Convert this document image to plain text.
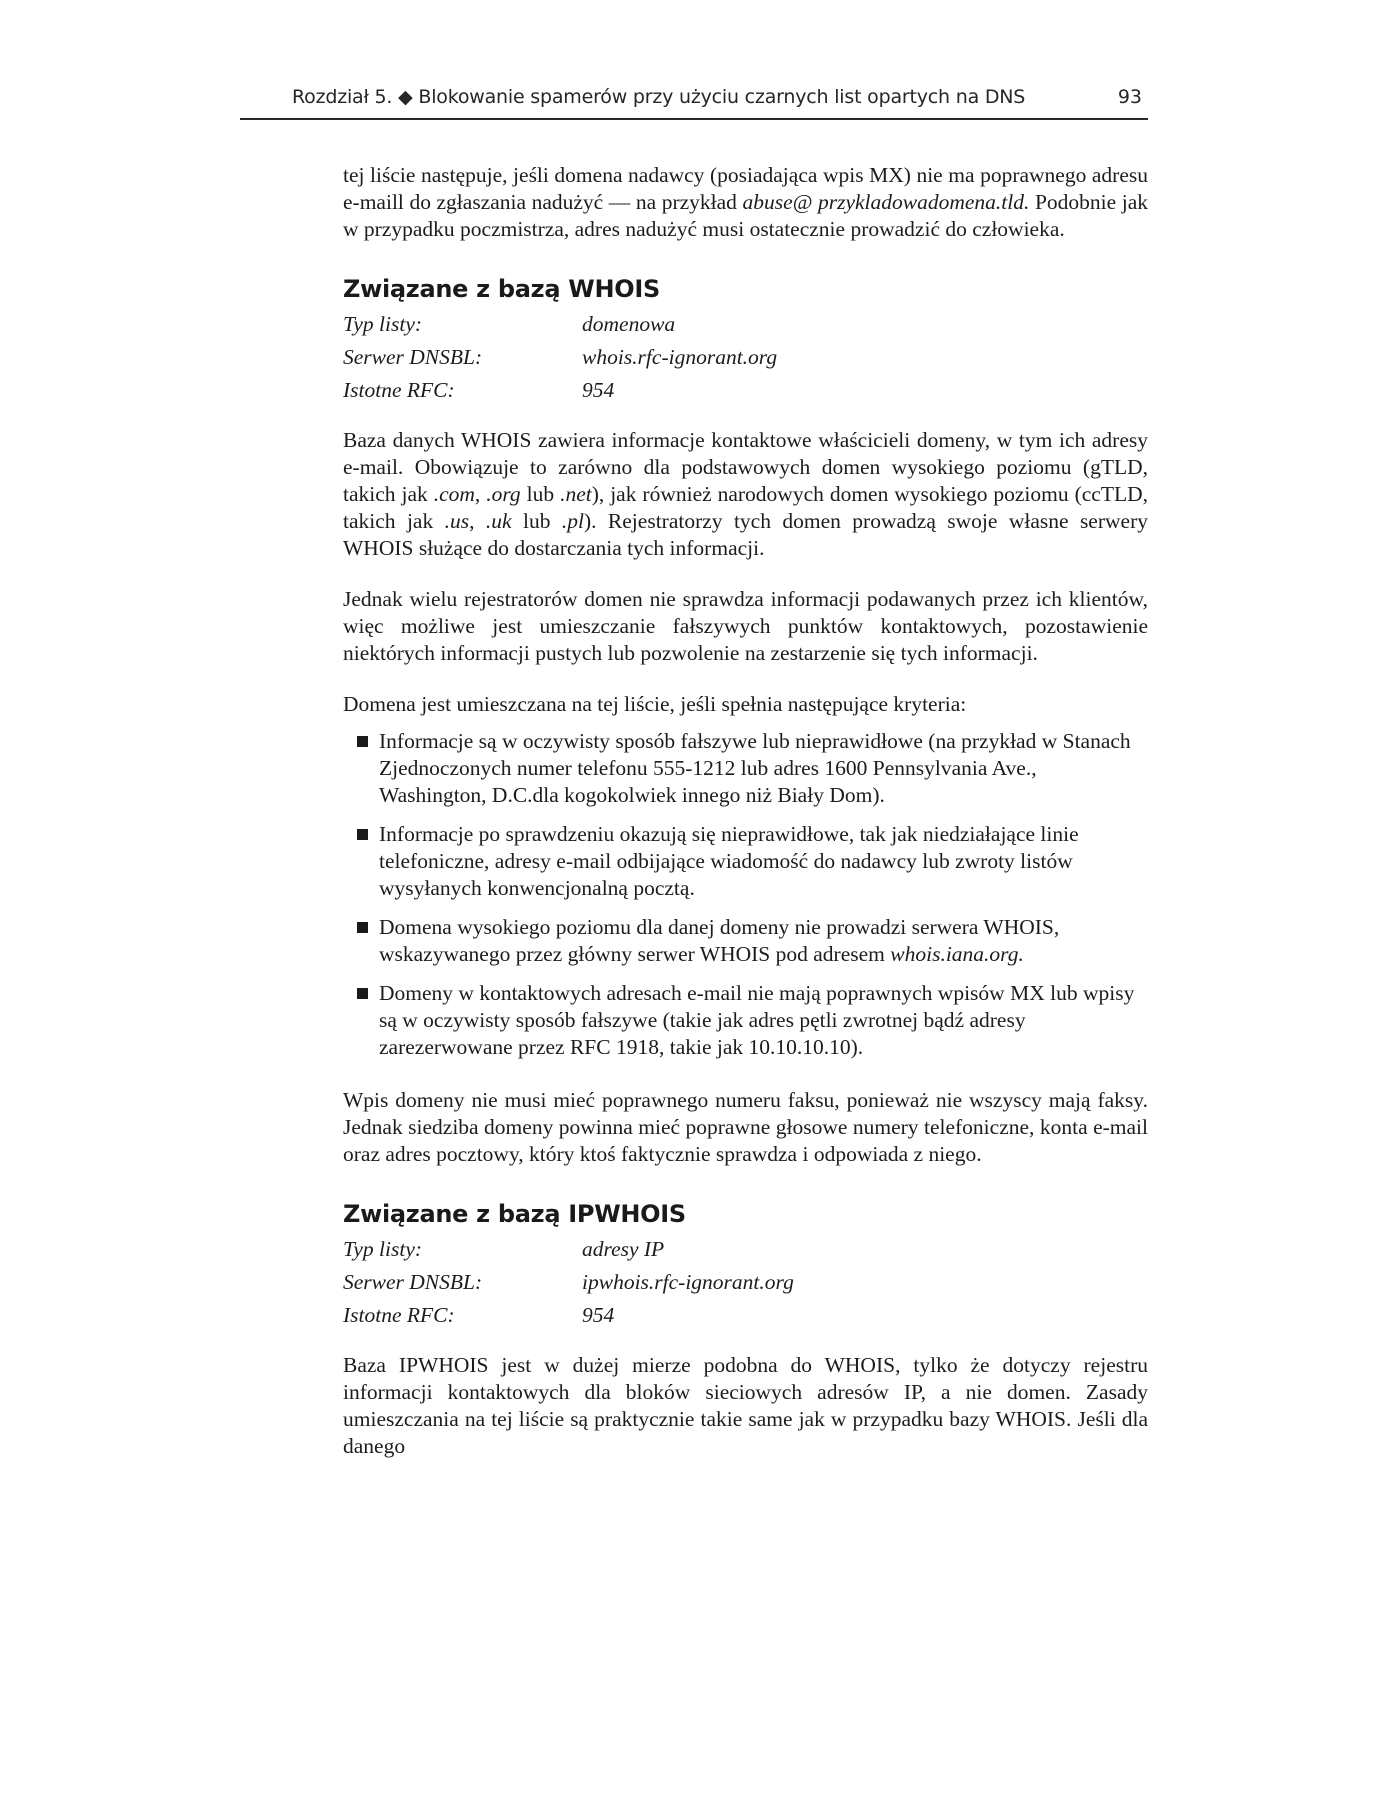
Rozdział 5. ◆ Blokowanie spamerów przy użyciu czarnych list opartych na DNS	93

tej liście następuje, jeśli domena nadawcy (posiadająca wpis MX) nie ma poprawnego adresu e-maill do zgłaszania nadużyć — na przykład abuse@ przykladowadomena.tld. Podobnie jak w przypadku poczmistrza, adres nadużyć musi ostatecznie prowadzić do człowieka.

Związane z bazą WHOIS
Typ listy:	domenowa
Serwer DNSBL:	whois.rfc-ignorant.org
Istotne RFC:	954

Baza danych WHOIS zawiera informacje kontaktowe właścicieli domeny, w tym ich adresy e-mail. Obowiązuje to zarówno dla podstawowych domen wysokiego poziomu (gTLD, takich jak .com, .org lub .net), jak również narodowych domen wysokiego poziomu (ccTLD, takich jak .us, .uk lub .pl). Rejestratorzy tych domen prowadzą swoje własne serwery WHOIS służące do dostarczania tych informacji.

Jednak wielu rejestratorów domen nie sprawdza informacji podawanych przez ich klientów, więc możliwe jest umieszczanie fałszywych punktów kontaktowych, pozostawienie niektórych informacji pustych lub pozwolenie na zestarzenie się tych informacji.

Domena jest umieszczana na tej liście, jeśli spełnia następujące kryteria:

Informacje są w oczywisty sposób fałszywe lub nieprawidłowe (na przykład w Stanach Zjednoczonych numer telefonu 555-1212 lub adres 1600 Pennsylvania Ave., Washington, D.C.dla kogokolwiek innego niż Biały Dom).
Informacje po sprawdzeniu okazują się nieprawidłowe, tak jak niedziałające linie telefoniczne, adresy e-mail odbijające wiadomość do nadawcy lub zwroty listów wysyłanych konwencjonalną pocztą.
Domena wysokiego poziomu dla danej domeny nie prowadzi serwera WHOIS, wskazywanego przez główny serwer WHOIS pod adresem whois.iana.org.
Domeny w kontaktowych adresach e-mail nie mają poprawnych wpisów MX lub wpisy są w oczywisty sposób fałszywe (takie jak adres pętli zwrotnej bądź adresy zarezerwowane przez RFC 1918, takie jak 10.10.10.10).

Wpis domeny nie musi mieć poprawnego numeru faksu, ponieważ nie wszyscy mają faksy. Jednak siedziba domeny powinna mieć poprawne głosowe numery telefoniczne, konta e-mail oraz adres pocztowy, który ktoś faktycznie sprawdza i odpowiada z niego.

Związane z bazą IPWHOIS
Typ listy:	adresy IP
Serwer DNSBL:	ipwhois.rfc-ignorant.org
Istotne RFC:	954

Baza IPWHOIS jest w dużej mierze podobna do WHOIS, tylko że dotyczy rejestru informacji kontaktowych dla bloków sieciowych adresów IP, a nie domen. Zasady umieszczania na tej liście są praktycznie takie same jak w przypadku bazy WHOIS. Jeśli dla danego
